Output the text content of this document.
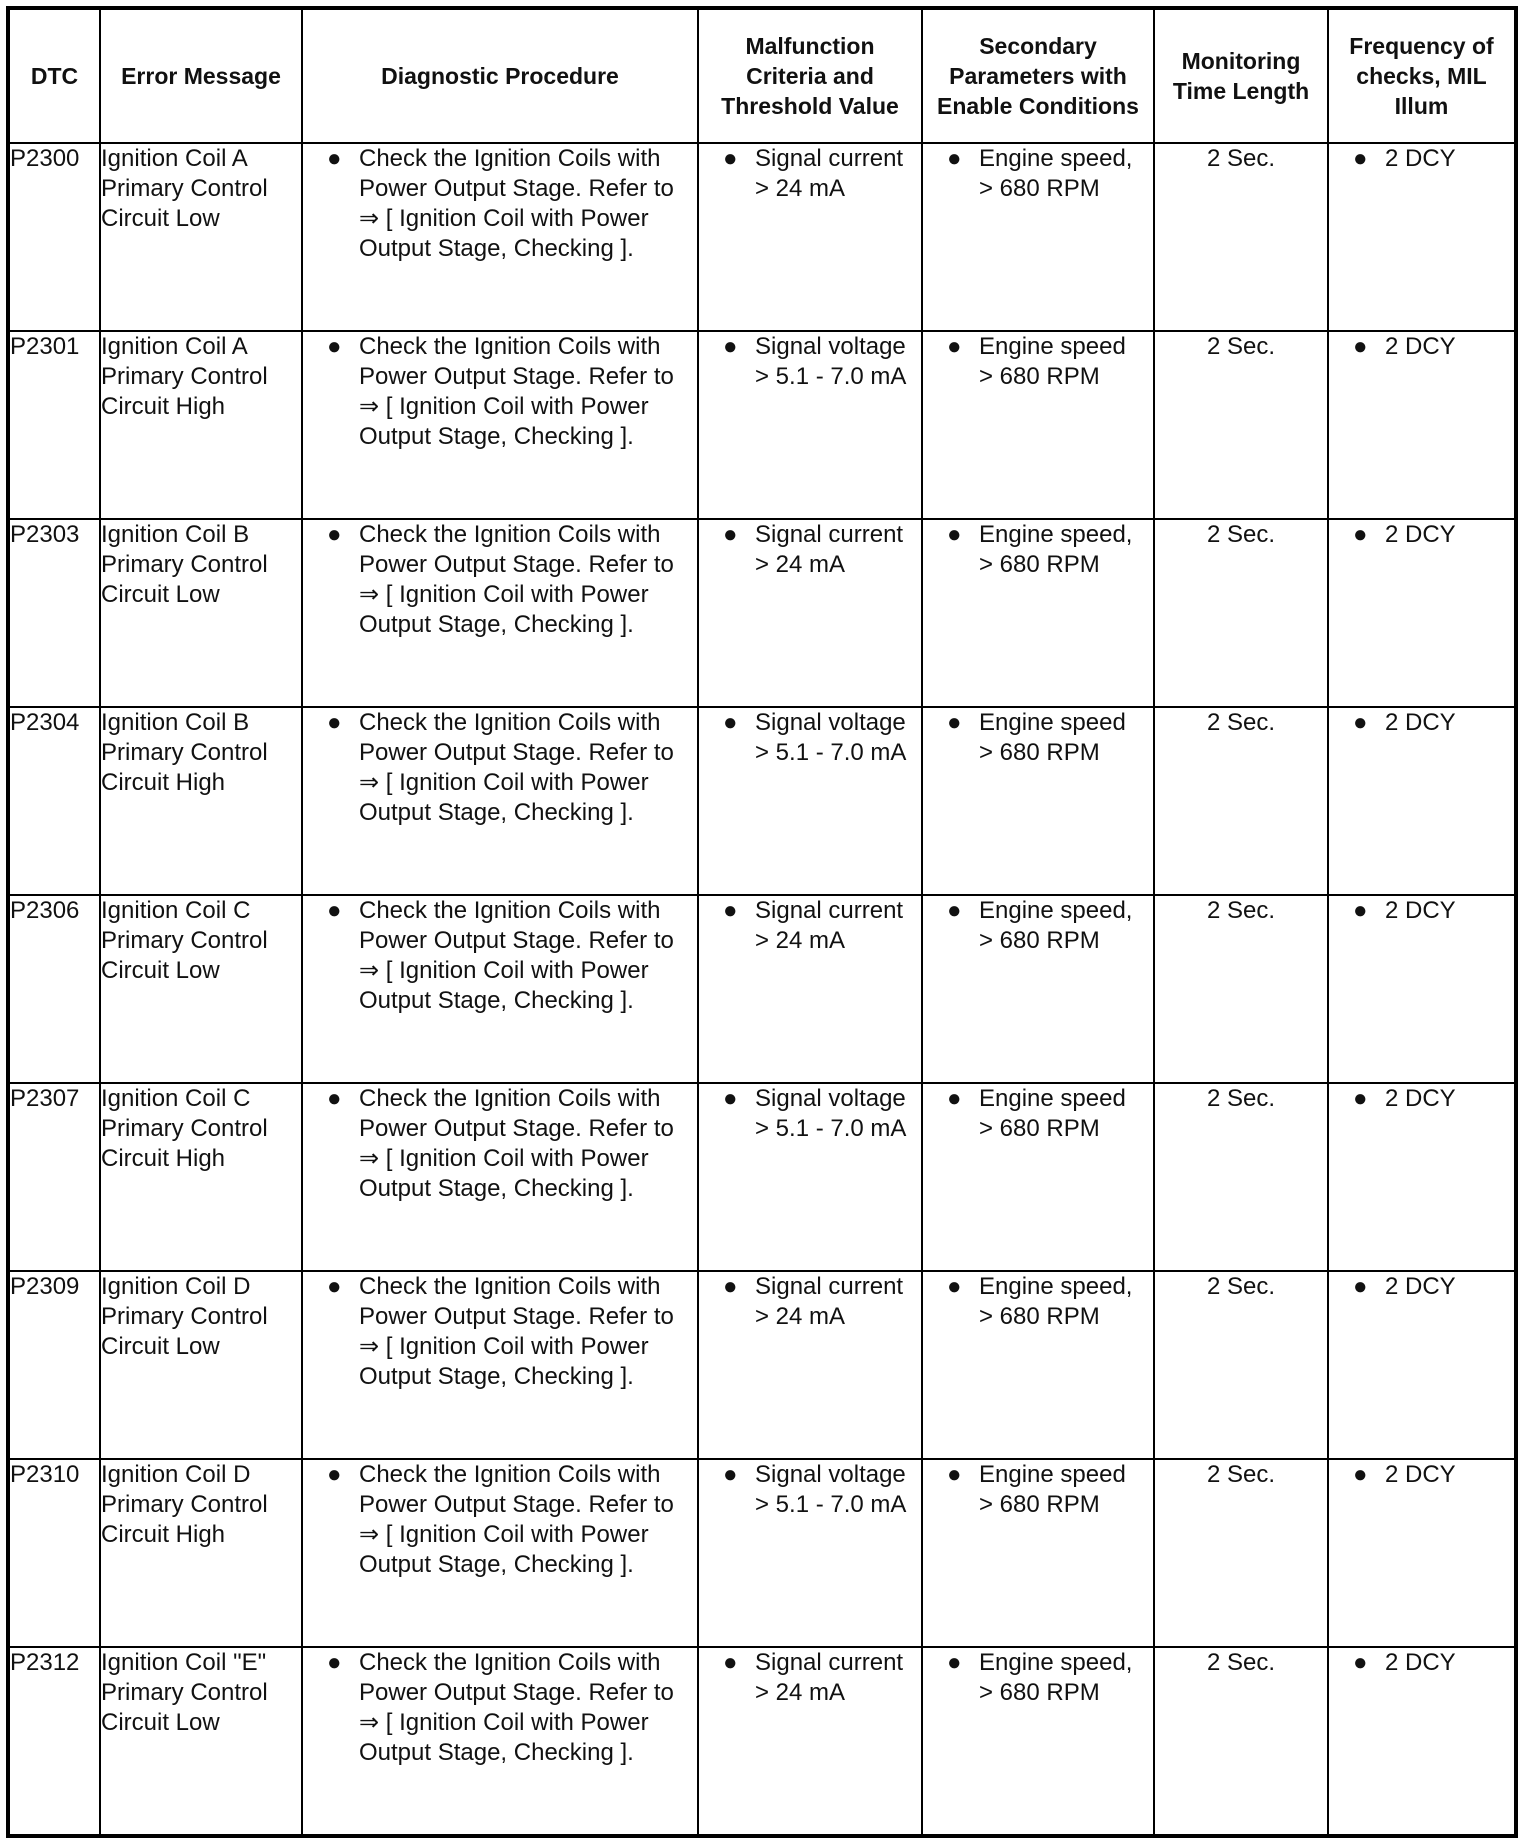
DTC	Error Message	Diagnostic Procedure	Malfunction Criteria and Threshold Value	Secondary Parameters with Enable Conditions	Monitoring Time Length	Frequency of checks, MIL Illum
P2300	Ignition Coil A
Primary Control
Circuit Low	● Check the Ignition Coils with
Power Output Stage. Refer to
⇒ [ Ignition Coil with Power
Output Stage, Checking ].	● Signal current
> 24 mA	● Engine speed,
> 680 RPM	2 Sec.	● 2 DCY

P2301	Ignition Coil A
Primary Control
Circuit High	● Check the Ignition Coils with
Power Output Stage. Refer to
⇒ [ Ignition Coil with Power
Output Stage, Checking ].	● Signal voltage
> 5.1 - 7.0 mA	● Engine speed
> 680 RPM	2 Sec.	● 2 DCY

P2303	Ignition Coil B
Primary Control
Circuit Low	● Check the Ignition Coils with
Power Output Stage. Refer to
⇒ [ Ignition Coil with Power
Output Stage, Checking ].	● Signal current
> 24 mA	● Engine speed,
> 680 RPM	2 Sec.	● 2 DCY

P2304	Ignition Coil B
Primary Control
Circuit High	● Check the Ignition Coils with
Power Output Stage. Refer to
⇒ [ Ignition Coil with Power
Output Stage, Checking ].	● Signal voltage
> 5.1 - 7.0 mA	● Engine speed
> 680 RPM	2 Sec.	● 2 DCY

P2306	Ignition Coil C
Primary Control
Circuit Low	● Check the Ignition Coils with
Power Output Stage. Refer to
⇒ [ Ignition Coil with Power
Output Stage, Checking ].	● Signal current
> 24 mA	● Engine speed,
> 680 RPM	2 Sec.	● 2 DCY

P2307	Ignition Coil C
Primary Control
Circuit High	● Check the Ignition Coils with
Power Output Stage. Refer to
⇒ [ Ignition Coil with Power
Output Stage, Checking ].	● Signal voltage
> 5.1 - 7.0 mA	● Engine speed
> 680 RPM	2 Sec.	● 2 DCY

P2309	Ignition Coil D
Primary Control
Circuit Low	● Check the Ignition Coils with
Power Output Stage. Refer to
⇒ [ Ignition Coil with Power
Output Stage, Checking ].	● Signal current
> 24 mA	● Engine speed,
> 680 RPM	2 Sec.	● 2 DCY

P2310	Ignition Coil D
Primary Control
Circuit High	● Check the Ignition Coils with
Power Output Stage. Refer to
⇒ [ Ignition Coil with Power
Output Stage, Checking ].	● Signal voltage
> 5.1 - 7.0 mA	● Engine speed
> 680 RPM	2 Sec.	● 2 DCY

P2312	Ignition Coil "E"
Primary Control
Circuit Low	● Check the Ignition Coils with
Power Output Stage. Refer to
⇒ [ Ignition Coil with Power
Output Stage, Checking ].	● Signal current
> 24 mA	● Engine speed,
> 680 RPM	2 Sec.	● 2 DCY
